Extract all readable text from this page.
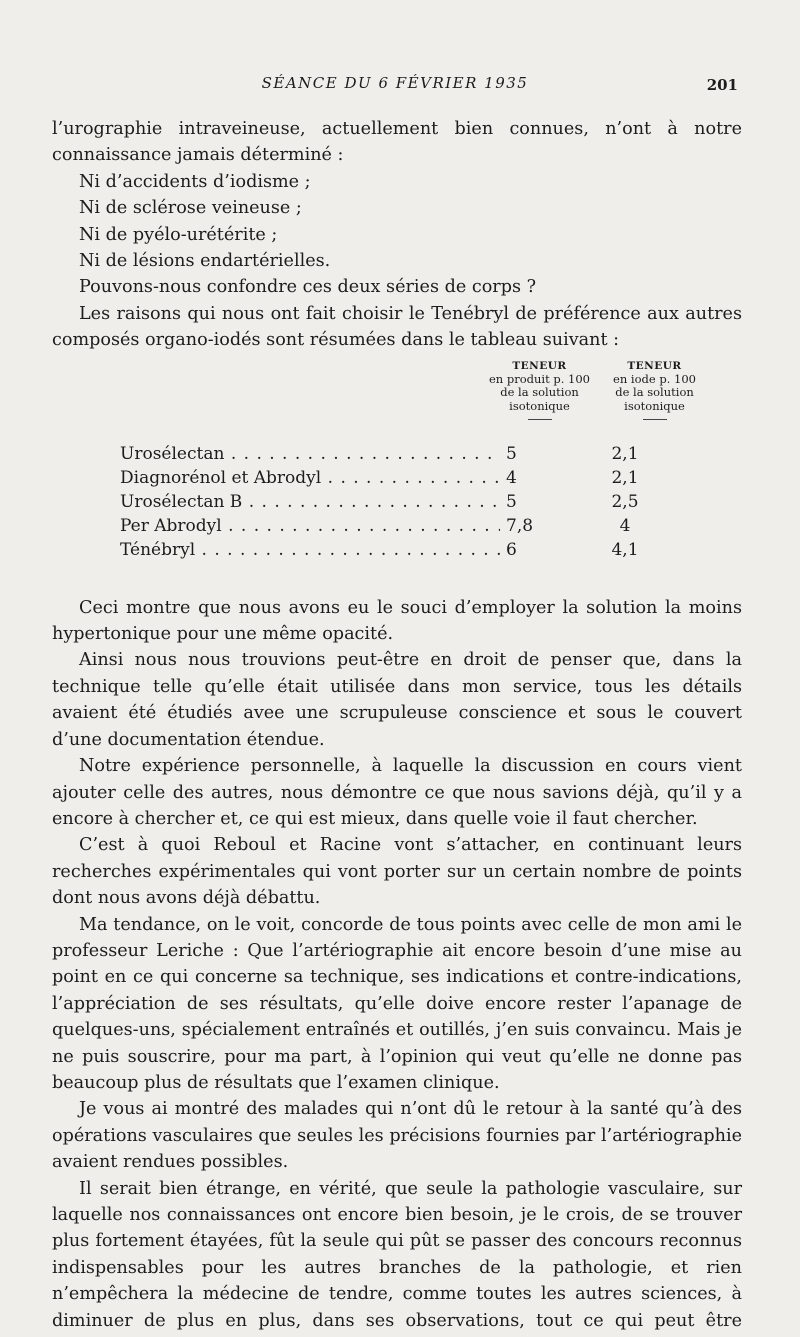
SÉANCE DU 6 FÉVRIER 1935	201

l’urographie intraveineuse, actuellement bien connues, n’ont à notre connaissance jamais déterminé :

Ni d’accidents d’iodisme ;
Ni de sclérose veineuse ;
Ni de pyélo-urétérite ;
Ni de lésions endartérielles.
Pouvons-nous confondre ces deux séries de corps ?

Les raisons qui nous ont fait choisir le Tenébryl de préférence aux autres composés organo-iodés sont résumées dans le tableau suivant :

TENEUR
en produit p. 100
de la solution
isotonique
TENEUR
en iode p. 100
de la solution
isotonique
Urosélectan . . .	5	2,1
Diagnorénol et Abrodyl . . .	4	2,1
Urosélectan B . . .	5	2,5
Per Abrodyl . . .	7,8	4
Ténébryl . . .	6	4,1

Ceci montre que nous avons eu le souci d’employer la solution la moins hypertonique pour une même opacité.

Ainsi nous nous trouvions peut-être en droit de penser que, dans la technique telle qu’elle était utilisée dans mon service, tous les détails avaient été étudiés avee une scrupuleuse conscience et sous le couvert d’une documentation étendue.

Notre expérience personnelle, à laquelle la discussion en cours vient ajouter celle des autres, nous démontre ce que nous savions déjà, qu’il y a encore à chercher et, ce qui est mieux, dans quelle voie il faut chercher.

C’est à quoi Reboul et Racine vont s’attacher, en continuant leurs recherches expérimentales qui vont porter sur un certain nombre de points dont nous avons déjà débattu.

Ma tendance, on le voit, concorde de tous points avec celle de mon ami le professeur Leriche : Que l’artériographie ait encore besoin d’une mise au point en ce qui concerne sa technique, ses indications et contre-indications, l’appréciation de ses résultats, qu’elle doive encore rester l’apanage de quelques-uns, spécialement entraînés et outillés, j’en suis convaincu. Mais je ne puis souscrire, pour ma part, à l’opinion qui veut qu’elle ne donne pas beaucoup plus de résultats que l’examen clinique.

Je vous ai montré des malades qui n’ont dû le retour à la santé qu’à des opérations vasculaires que seules les précisions fournies par l’artériographie avaient rendues possibles.

Il serait bien étrange, en vérité, que seule la pathologie vasculaire, sur laquelle nos connaissances ont encore bien besoin, je le crois, de se trouver plus fortement étayées, fût la seule qui pût se passer des concours reconnus indispensables pour les autres branches de la pathologie, et rien n’empêchera la médecine de tendre, comme toutes les autres sciences, à diminuer de plus en plus, dans ses observations, tout ce qui peut être
